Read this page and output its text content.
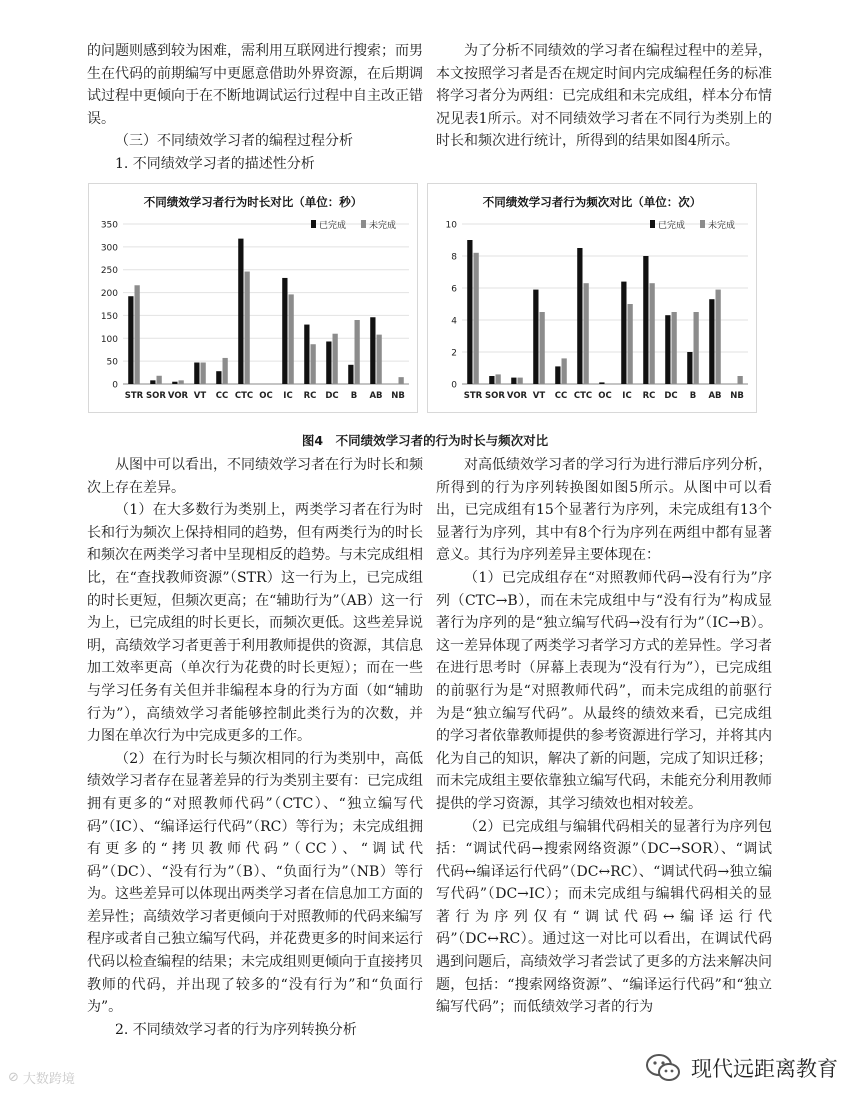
的问题则感到较为困难，需利用互联网进行搜索；而男生在代码的前期编写中更愿意借助外界资源，在后期调试过程中更倾向于在不断地调试运行过程中自主改正错误。

（三）不同绩效学习者的编程过程分析

1. 不同绩效学习者的描述性分析

为了分析不同绩效的学习者在编程过程中的差异，本文按照学习者是否在规定时间内完成编程任务的标准将学习者分为两组：已完成组和未完成组，样本分布情况见表1所示。对不同绩效学习者在不同行为类别上的时长和频次进行统计，所得到的结果如图4所示。

不同绩效学习者行为时长对比（单位：秒）
0
50
100
150
200
250
300
350
STR SOR VOR VT CC CTC OC IC RC DC B AB NB
已完成	未完成
不同绩效学习者行为频次对比（单位：次）
0
2
4
6
8
10
STR SOR VOR VT CC CTC OC IC RC DC B AB NB
已完成	未完成
图4　不同绩效学习者的行为时长与频次对比

从图中可以看出，不同绩效学习者在行为时长和频次上存在差异。

（1）在大多数行为类别上，两类学习者在行为时长和行为频次上保持相同的趋势，但有两类行为的时长和频次在两类学习者中呈现相反的趋势。与未完成组相比，在“查找教师资源”（STR）这一行为上，已完成组的时长更短，但频次更高；在“辅助行为”（AB）这一行为上，已完成组的时长更长，而频次更低。这些差异说明，高绩效学习者更善于利用教师提供的资源，其信息加工效率更高（单次行为花费的时长更短）；而在一些与学习任务有关但并非编程本身的行为方面（如“辅助行为”），高绩效学习者能够控制此类行为的次数，并力图在单次行为中完成更多的工作。

（2）在行为时长与频次相同的行为类别中，高低绩效学习者存在显著差异的行为类别主要有：已完成组拥有更多的“对照教师代码”（CTC）、“独立编写代码”（IC）、“编译运行代码”（RC）等行为；未完成组拥有更多的“拷贝教师代码”（CC）、“调试代码”（DC）、“没有行为”（B）、“负面行为”（NB）等行为。这些差异可以体现出两类学习者在信息加工方面的差异性；高绩效学习者更倾向于对照教师的代码来编写程序或者自己独立编写代码，并花费更多的时间来运行代码以检查编程的结果；未完成组则更倾向于直接拷贝教师的代码，并出现了较多的“没有行为”和“负面行为”。

2. 不同绩效学习者的行为序列转换分析

对高低绩效学习者的学习行为进行滞后序列分析，所得到的行为序列转换图如图5所示。从图中可以看出，已完成组有15个显著行为序列，未完成组有13个显著行为序列，其中有8个行为序列在两组中都有显著意义。其行为序列差异主要体现在：

（1）已完成组存在“对照教师代码→没有行为”序列（CTC→B），而在未完成组中与“没有行为”构成显著行为序列的是“独立编写代码→没有行为”（IC→B）。这一差异体现了两类学习者学习方式的差异性。学习者在进行思考时（屏幕上表现为“没有行为”），已完成组的前驱行为是“对照教师代码”，而未完成组的前驱行为是“独立编写代码”。从最终的绩效来看，已完成组的学习者依靠教师提供的参考资源进行学习，并将其内化为自己的知识，解决了新的问题，完成了知识迁移；而未完成组主要依靠独立编写代码，未能充分利用教师提供的学习资源，其学习绩效也相对较差。

（2）已完成组与编辑代码相关的显著行为序列包括：“调试代码→搜索网络资源”（DC→SOR）、“调试代码↔编译运行代码”（DC↔RC）、“调试代码→独立编写代码”（DC→IC）；而未完成组与编辑代码相关的显著行为序列仅有“调试代码↔编译运行代码”（DC↔RC）。通过这一对比可以看出，在调试代码遇到问题后，高绩效学习者尝试了更多的方法来解决问题，包括：“搜索网络资源”、“编译运行代码”和“独立编写代码”；而低绩效学习者的行为

⊘ 大数跨境	现代远距离教育
